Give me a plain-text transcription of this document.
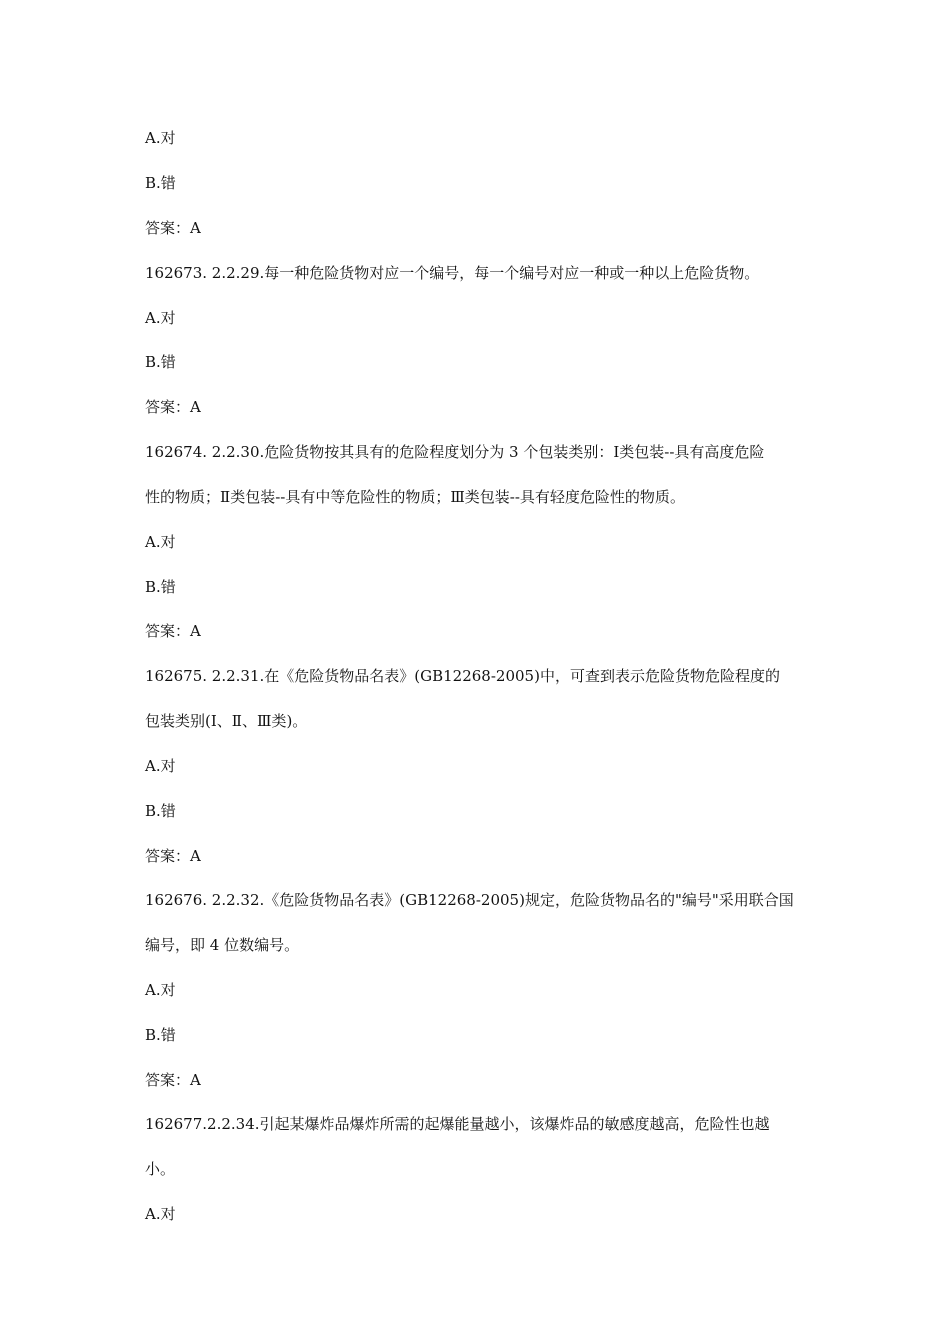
A.对
B.错
答案：A
162673. 2.2.29.每一种危险货物对应一个编号，每一个编号对应一种或一种以上危险货物。
A.对
B.错
答案：A
162674. 2.2.30.危险货物按其具有的危险程度划分为 3 个包装类别：Ⅰ类包装--具有高度危险
性的物质；Ⅱ类包装--具有中等危险性的物质；Ⅲ类包装--具有轻度危险性的物质。
A.对
B.错
答案：A
162675. 2.2.31.在《危险货物品名表》(GB12268-2005)中，可查到表示危险货物危险程度的
包装类别(Ⅰ、Ⅱ、Ⅲ类)。
A.对
B.错
答案：A
162676. 2.2.32.《危险货物品名表》(GB12268-2005)规定，危险货物品名的"编号"采用联合国
编号，即 4 位数编号。
A.对
B.错
答案：A
162677.2.2.34.引起某爆炸品爆炸所需的起爆能量越小，该爆炸品的敏感度越高，危险性也越
小。
A.对
